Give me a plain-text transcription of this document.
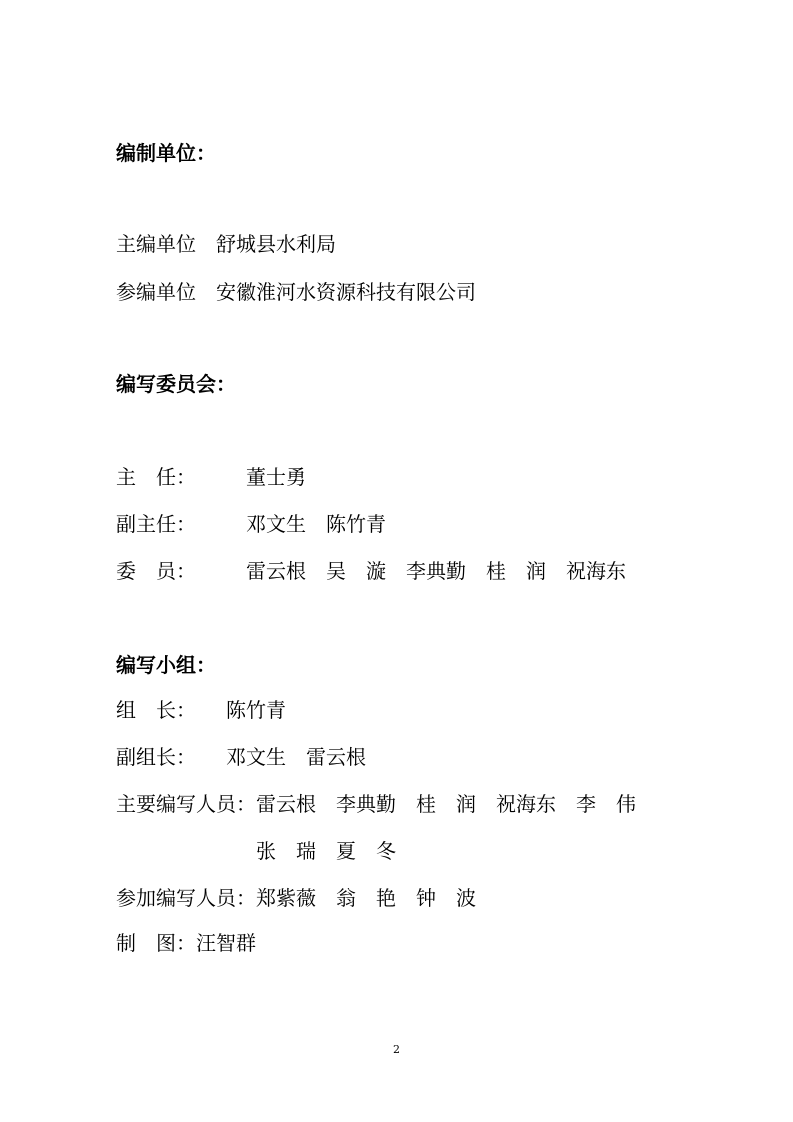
编制单位：
主编单位　舒城县水利局
参编单位　安徽淮河水资源科技有限公司
编写委员会：
主　任：　　　董士勇
副主任：　　　邓文生　陈竹青
委　员：　　　雷云根　吴　漩　李典勤　桂　润　祝海东
编写小组：
组　长：　　陈竹青
副组长：　　邓文生　雷云根
主要编写人员：雷云根　李典勤　桂　润　祝海东　李　伟
　　　　　　　张　瑞　夏　冬
参加编写人员：郑紫薇　翁　艳　钟　波
制　图：汪智群
2
